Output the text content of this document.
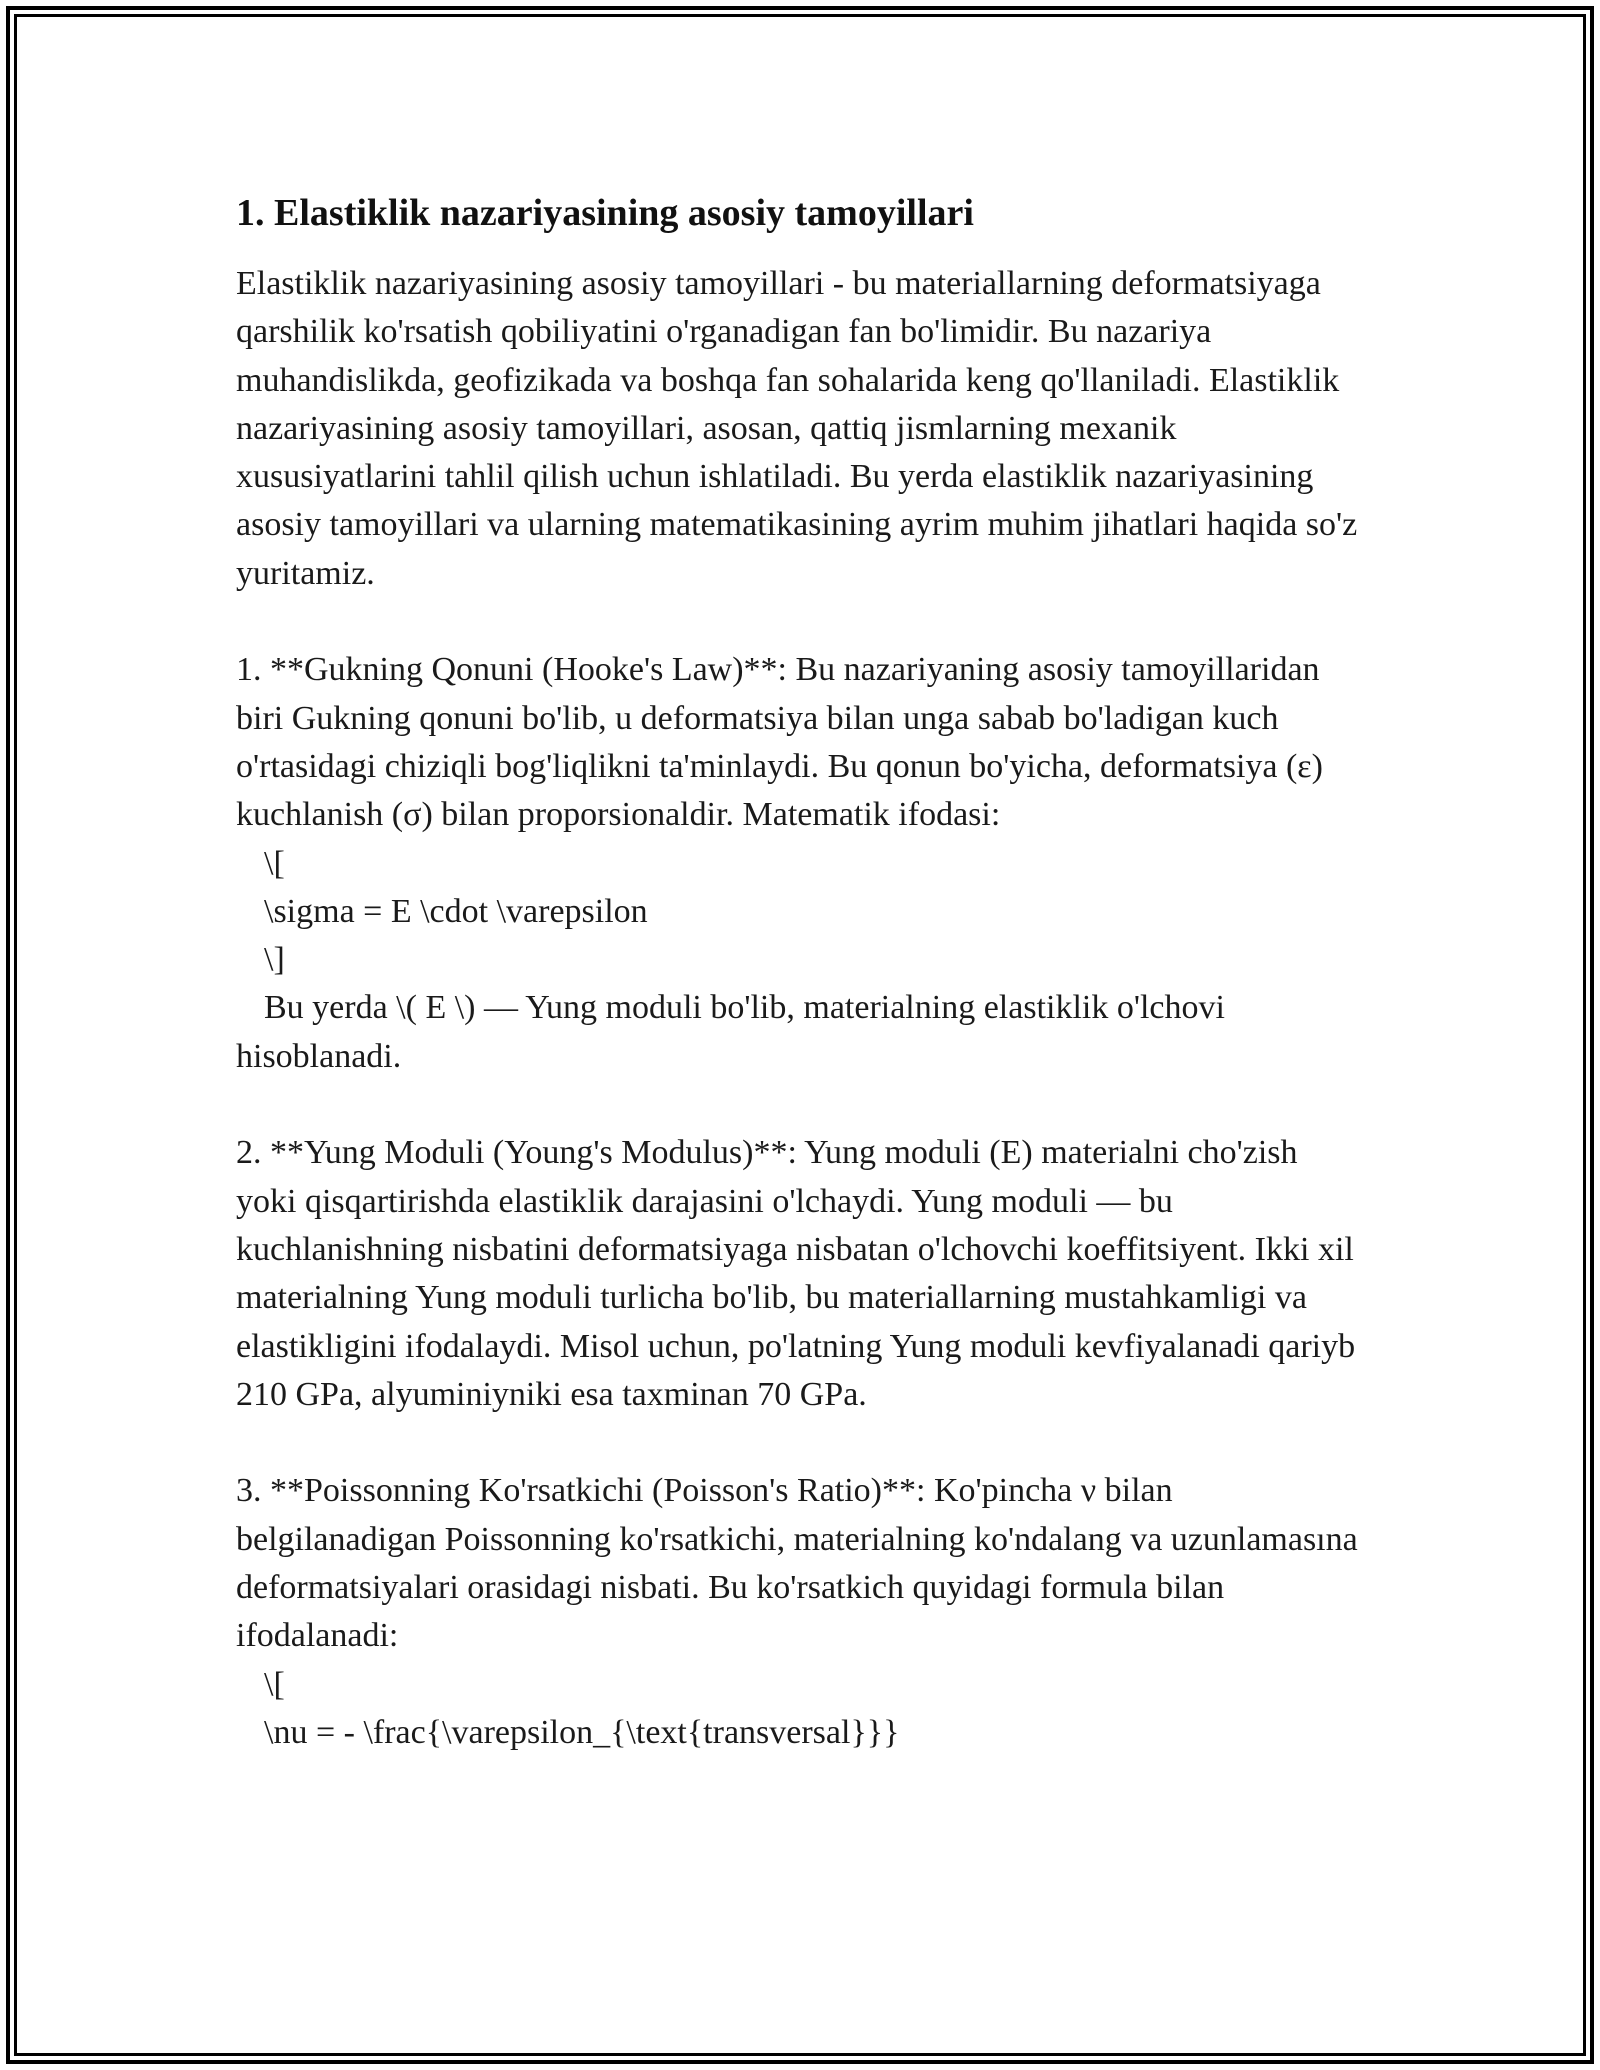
1. Elastiklik nazariyasining asosiy tamoyillari

Elastiklik nazariyasining asosiy tamoyillari - bu materiallarning deformatsiyaga qarshilik ko'rsatish qobiliyatini o'rganadigan fan bo'limidir. Bu nazariya muhandislikda, geofizikada va boshqa fan sohalarida keng qo'llaniladi. Elastiklik nazariyasining asosiy tamoyillari, asosan, qattiq jismlarning mexanik xususiyatlarini tahlil qilish uchun ishlatiladi. Bu yerda elastiklik nazariyasining asosiy tamoyillari va ularning matematikasining ayrim muhim jihatlari haqida so'z yuritamiz.

1. **Gukning Qonuni (Hooke's Law)**: Bu nazariyaning asosiy tamoyillaridan biri Gukning qonuni bo'lib, u deformatsiya bilan unga sabab bo'ladigan kuch o'rtasidagi chiziqli bog'liqlikni ta'minlaydi. Bu qonun bo'yicha, deformatsiya (ε) kuchlanish (σ) bilan proporsionaldir. Matematik ifodasi:

\[

\sigma = E \cdot \varepsilon

\]

Bu yerda \( E \) — Yung moduli bo'lib, materialning elastiklik o'lchovi

hisoblanadi.

2. **Yung Moduli (Young's Modulus)**: Yung moduli (E) materialni cho'zish yoki qisqartirishda elastiklik darajasini o'lchaydi. Yung moduli — bu kuchlanishning nisbatini deformatsiyaga nisbatan o'lchovchi koeffitsiyent. Ikki xil materialning Yung moduli turlicha bo'lib, bu materiallarning mustahkamligi va elastikligini ifodalaydi. Misol uchun, po'latning Yung moduli kevfiyalanadi qariyb 210 GPa, alyuminiyniki esa taxminan 70 GPa.

3. **Poissonning Ko'rsatkichi (Poisson's Ratio)**: Ko'pincha ν bilan belgilanadigan Poissonning ko'rsatkichi, materialning ko'ndalang va uzunlamasına deformatsiyalari orasidagi nisbati. Bu ko'rsatkich quyidagi formula bilan ifodalanadi:

\[

\nu = - \frac{\varepsilon_{\text{transversal}}}
